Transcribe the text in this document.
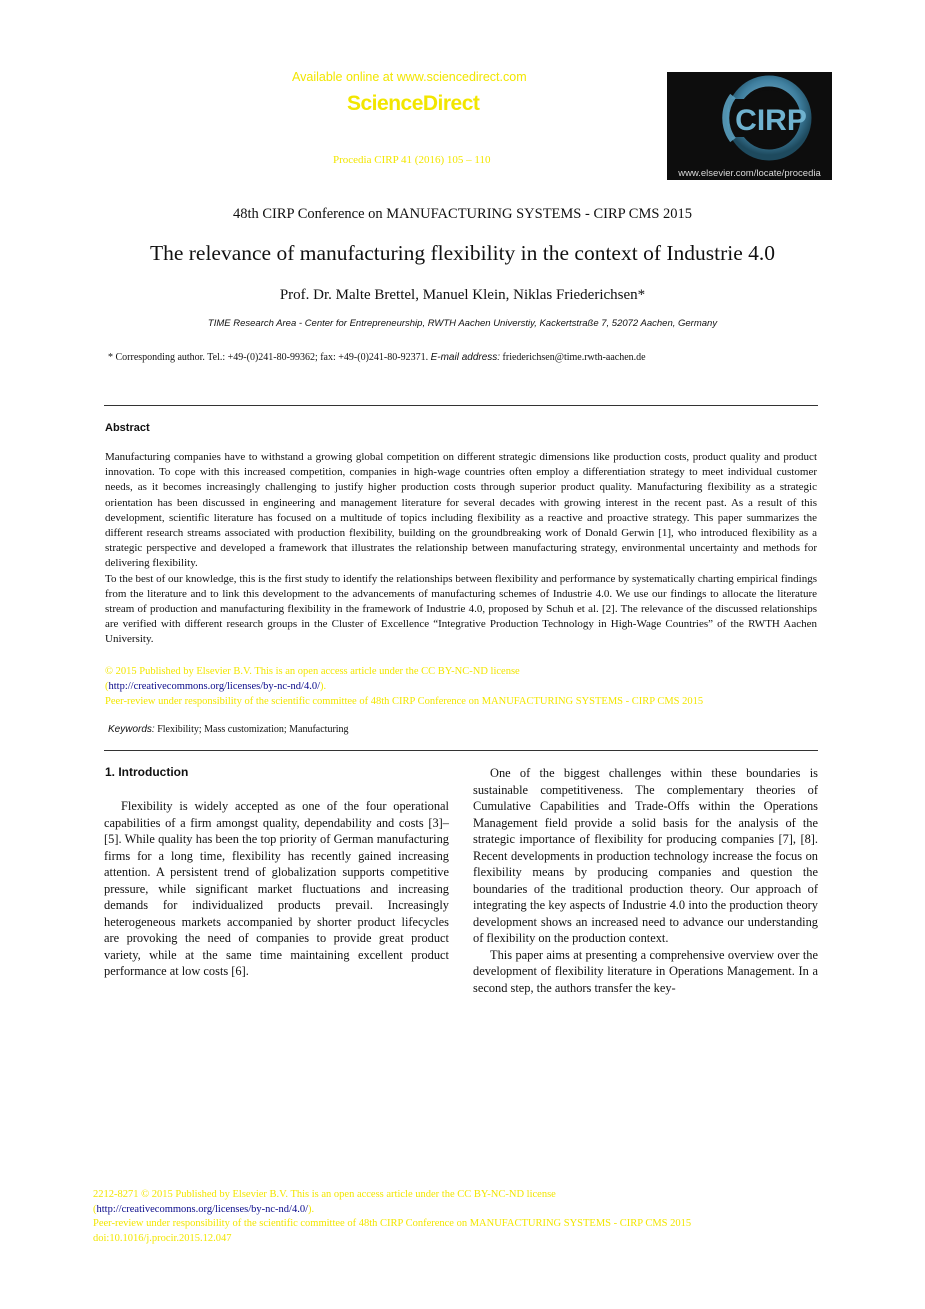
Available online at www.sciencedirect.com
ScienceDirect
Procedia CIRP 41 (2016) 105 – 110
CIRP
www.elsevier.com/locate/procedia
48th CIRP Conference on MANUFACTURING SYSTEMS - CIRP CMS 2015
The relevance of manufacturing flexibility in the context of Industrie 4.0
Prof. Dr. Malte Brettel, Manuel Klein, Niklas Friederichsen*
TIME Research Area - Center for Entrepreneurship, RWTH Aachen Universtiy, Kackertstraße 7, 52072 Aachen, Germany
* Corresponding author. Tel.: +49-(0)241-80-99362; fax: +49-(0)241-80-92371. E-mail address: friederichsen@time.rwth-aachen.de
Abstract

Manufacturing companies have to withstand a growing global competition on different strategic dimensions like production costs, product quality and product innovation. To cope with this increased competition, companies in high-wage countries often employ a differentiation strategy to meet individual customer needs, as it becomes increasingly challenging to justify higher production costs through superior product quality. Manufacturing flexibility as a strategic orientation has been discussed in engineering and management literature for several decades with growing interest in the recent past. As a result of this development, scientific literature has focused on a multitude of topics including flexibility as a reactive and proactive strategy. This paper summarizes the different research streams associated with production flexibility, building on the groundbreaking work of Donald Gerwin [1], who introduced flexibility as a strategic perspective and developed a framework that illustrates the relationship between manufacturing strategy, environmental uncertainty and methods for delivering flexibility.

To the best of our knowledge, this is the first study to identify the relationships between flexibility and performance by systematically charting empirical findings from the literature and to link this development to the advancements of manufacturing schemes of Industrie 4.0. We use our findings to allocate the literature stream of production and manufacturing flexibility in the framework of Industrie 4.0, proposed by Schuh et al. [2]. The relevance of the discussed relationships are verified with different research groups in the Cluster of Excellence “Integrative Production Technology in High-Wage Countries” of the RWTH Aachen University.

© 2015 Published by Elsevier B.V. This is an open access article under the CC BY-NC-ND license
(http://creativecommons.org/licenses/by-nc-nd/4.0/).
Peer-review under responsibility of the scientific committee of 48th CIRP Conference on MANUFACTURING SYSTEMS - CIRP CMS 2015
Keywords: Flexibility; Mass customization; Manufacturing
1. Introduction

Flexibility is widely accepted as one of the four operational capabilities of a firm amongst quality, dependability and costs [3]–[5]. While quality has been the top priority of German manufacturing firms for a long time, flexibility has recently gained increasing attention. A persistent trend of globalization supports competitive pressure, while significant market fluctuations and increasing demands for individualized products prevail. Increasingly heterogeneous markets accompanied by shorter product lifecycles are provoking the need of companies to provide great product variety, while at the same time maintaining excellent product performance at low costs [6].

One of the biggest challenges within these boundaries is sustainable competitiveness. The complementary theories of Cumulative Capabilities and Trade-Offs within the Operations Management field provide a solid basis for the analysis of the strategic importance of flexibility for producing companies [7], [8]. Recent developments in production technology increase the focus on flexibility means by producing companies and question the boundaries of the traditional production theory. Our approach of integrating the key aspects of Industrie 4.0 into the production theory development shows an increased need to advance our understanding of flexibility on the production context.

This paper aims at presenting a comprehensive overview over the development of flexibility literature in Operations Management. In a second step, the authors transfer the key-

2212-8271 © 2015 Published by Elsevier B.V. This is an open access article under the CC BY-NC-ND license
(http://creativecommons.org/licenses/by-nc-nd/4.0/).
Peer-review under responsibility of the scientific committee of 48th CIRP Conference on MANUFACTURING SYSTEMS - CIRP CMS 2015
doi:10.1016/j.procir.2015.12.047
